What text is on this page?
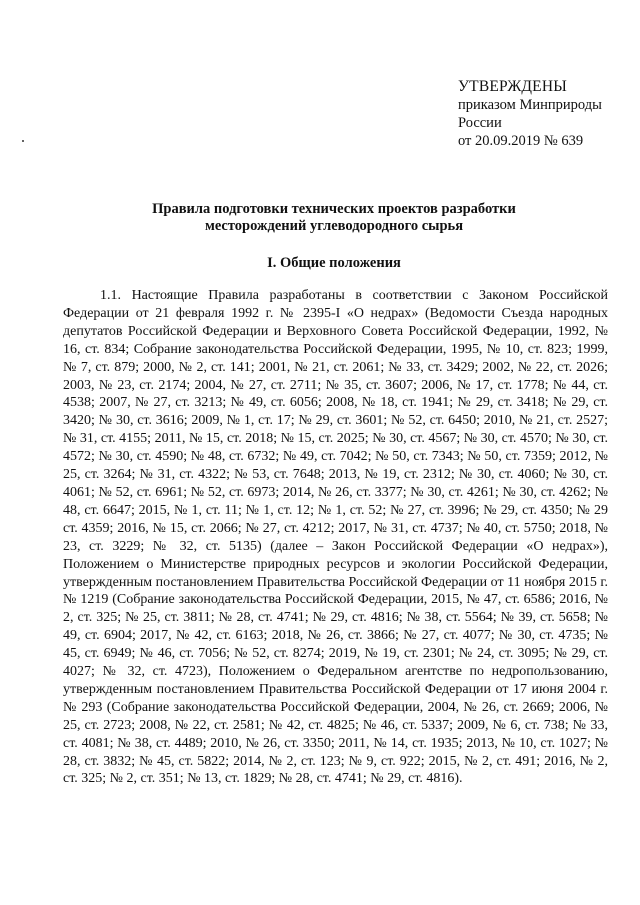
УТВЕРЖДЕНЫ
приказом Минприроды
России
от 20.09.2019 № 639
Правила подготовки технических проектов разработки
месторождений углеводородного сырья
I. Общие положения

1.1. Настоящие Правила разработаны в соответствии с Законом Российской Федерации от 21 февраля 1992 г. № 2395-I «О недрах» (Ведомости Съезда народных депутатов Российской Федерации и Верховного Совета Российской Федерации, 1992, № 16, ст. 834; Собрание законодательства Российской Федерации, 1995, № 10, ст. 823; 1999, № 7, ст. 879; 2000, № 2, ст. 141; 2001, № 21, ст. 2061; № 33, ст. 3429; 2002, № 22, ст. 2026; 2003, № 23, ст. 2174; 2004, № 27, ст. 2711; № 35, ст. 3607; 2006, № 17, ст. 1778; № 44, ст. 4538; 2007, № 27, ст. 3213; № 49, ст. 6056; 2008, № 18, ст. 1941; № 29, ст. 3418; № 29, ст. 3420; № 30, ст. 3616; 2009, № 1, ст. 17; № 29, ст. 3601; № 52, ст. 6450; 2010, № 21, ст. 2527; № 31, ст. 4155; 2011, № 15, ст. 2018; № 15, ст. 2025; № 30, ст. 4567; № 30, ст. 4570; № 30, ст. 4572; № 30, ст. 4590; № 48, ст. 6732; № 49, ст. 7042; № 50, ст. 7343; № 50, ст. 7359; 2012, № 25, ст. 3264; № 31, ст. 4322; № 53, ст. 7648; 2013, № 19, ст. 2312; № 30, ст. 4060; № 30, ст. 4061; № 52, ст. 6961; № 52, ст. 6973; 2014, № 26, ст. 3377; № 30, ст. 4261; № 30, ст. 4262; № 48, ст. 6647; 2015, № 1, ст. 11; № 1, ст. 12; № 1, ст. 52; № 27, ст. 3996; № 29, ст. 4350; № 29 ст. 4359; 2016, № 15, ст. 2066; № 27, ст. 4212; 2017, № 31, ст. 4737; № 40, ст. 5750; 2018, № 23, ст. 3229; № 32, ст. 5135) (далее – Закон Российской Федерации «О недрах»), Положением о Министерстве природных ресурсов и экологии Российской Федерации, утвержденным постановлением Правительства Российской Федерации от 11 ноября 2015 г. № 1219 (Собрание законодательства Российской Федерации, 2015, № 47, ст. 6586; 2016, № 2, ст. 325; № 25, ст. 3811; № 28, ст. 4741; № 29, ст. 4816; № 38, ст. 5564; № 39, ст. 5658; № 49, ст. 6904; 2017, № 42, ст. 6163; 2018, № 26, ст. 3866; № 27, ст. 4077; № 30, ст. 4735; № 45, ст. 6949; № 46, ст. 7056; № 52, ст. 8274; 2019, № 19, ст. 2301; № 24, ст. 3095; № 29, ст. 4027; № 32, ст. 4723), Положением о Федеральном агентстве по недропользованию, утвержденным постановлением Правительства Российской Федерации от 17 июня 2004 г. № 293 (Собрание законодательства Российской Федерации, 2004, № 26, ст. 2669; 2006, № 25, ст. 2723; 2008, № 22, ст. 2581; № 42, ст. 4825; № 46, ст. 5337; 2009, № 6, ст. 738; № 33, ст. 4081; № 38, ст. 4489; 2010, № 26, ст. 3350; 2011, № 14, ст. 1935; 2013, № 10, ст. 1027; № 28, ст. 3832; № 45, ст. 5822; 2014, № 2, ст. 123; № 9, ст. 922; 2015, № 2, ст. 491; 2016, № 2, ст. 325; № 2, ст. 351; № 13, ст. 1829; № 28, ст. 4741; № 29, ст. 4816).
